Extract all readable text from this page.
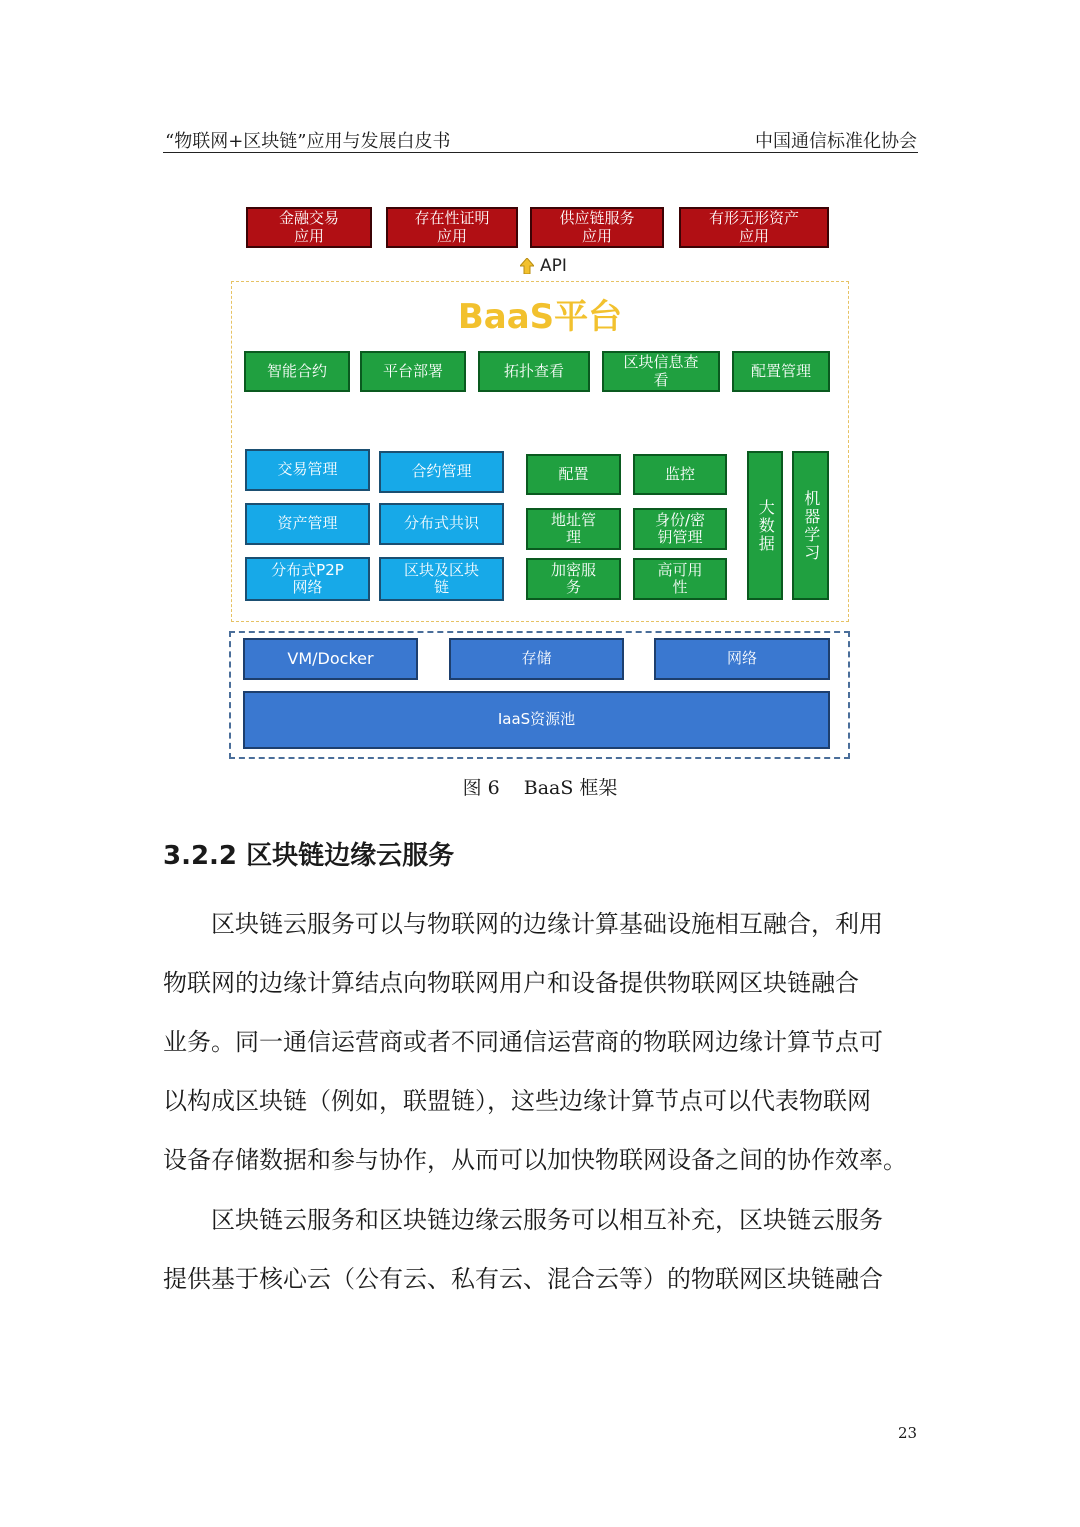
“物联网+区块链”应用与发展白皮书	中国通信标准化协会
金融交易
应用
存在性证明
应用
供应链服务
应用
有形无形资产
应用
API
BaaS平台
智能合约	平台部署	拓扑查看	区块信息查
看	配置管理
交易管理	合约管理
资产管理	分布式共识
分布式P2P
网络
区块及区块
链
配置	监控
地址管
理
身份/密
钥管理
加密服
务
高可用
性
大数据	机器学习
VM/Docker	存储	网络
IaaS资源池
图 6 BaaS 框架
3.2.2 区块链边缘云服务
区块链云服务可以与物联网的边缘计算基础设施相互融合，利用
物联网的边缘计算结点向物联网用户和设备提供物联网区块链融合
业务。同一通信运营商或者不同通信运营商的物联网边缘计算节点可
以构成区块链（例如，联盟链），这些边缘计算节点可以代表物联网
设备存储数据和参与协作，从而可以加快物联网设备之间的协作效率。
区块链云服务和区块链边缘云服务可以相互补充，区块链云服务
提供基于核心云（公有云、私有云、混合云等）的物联网区块链融合
23
